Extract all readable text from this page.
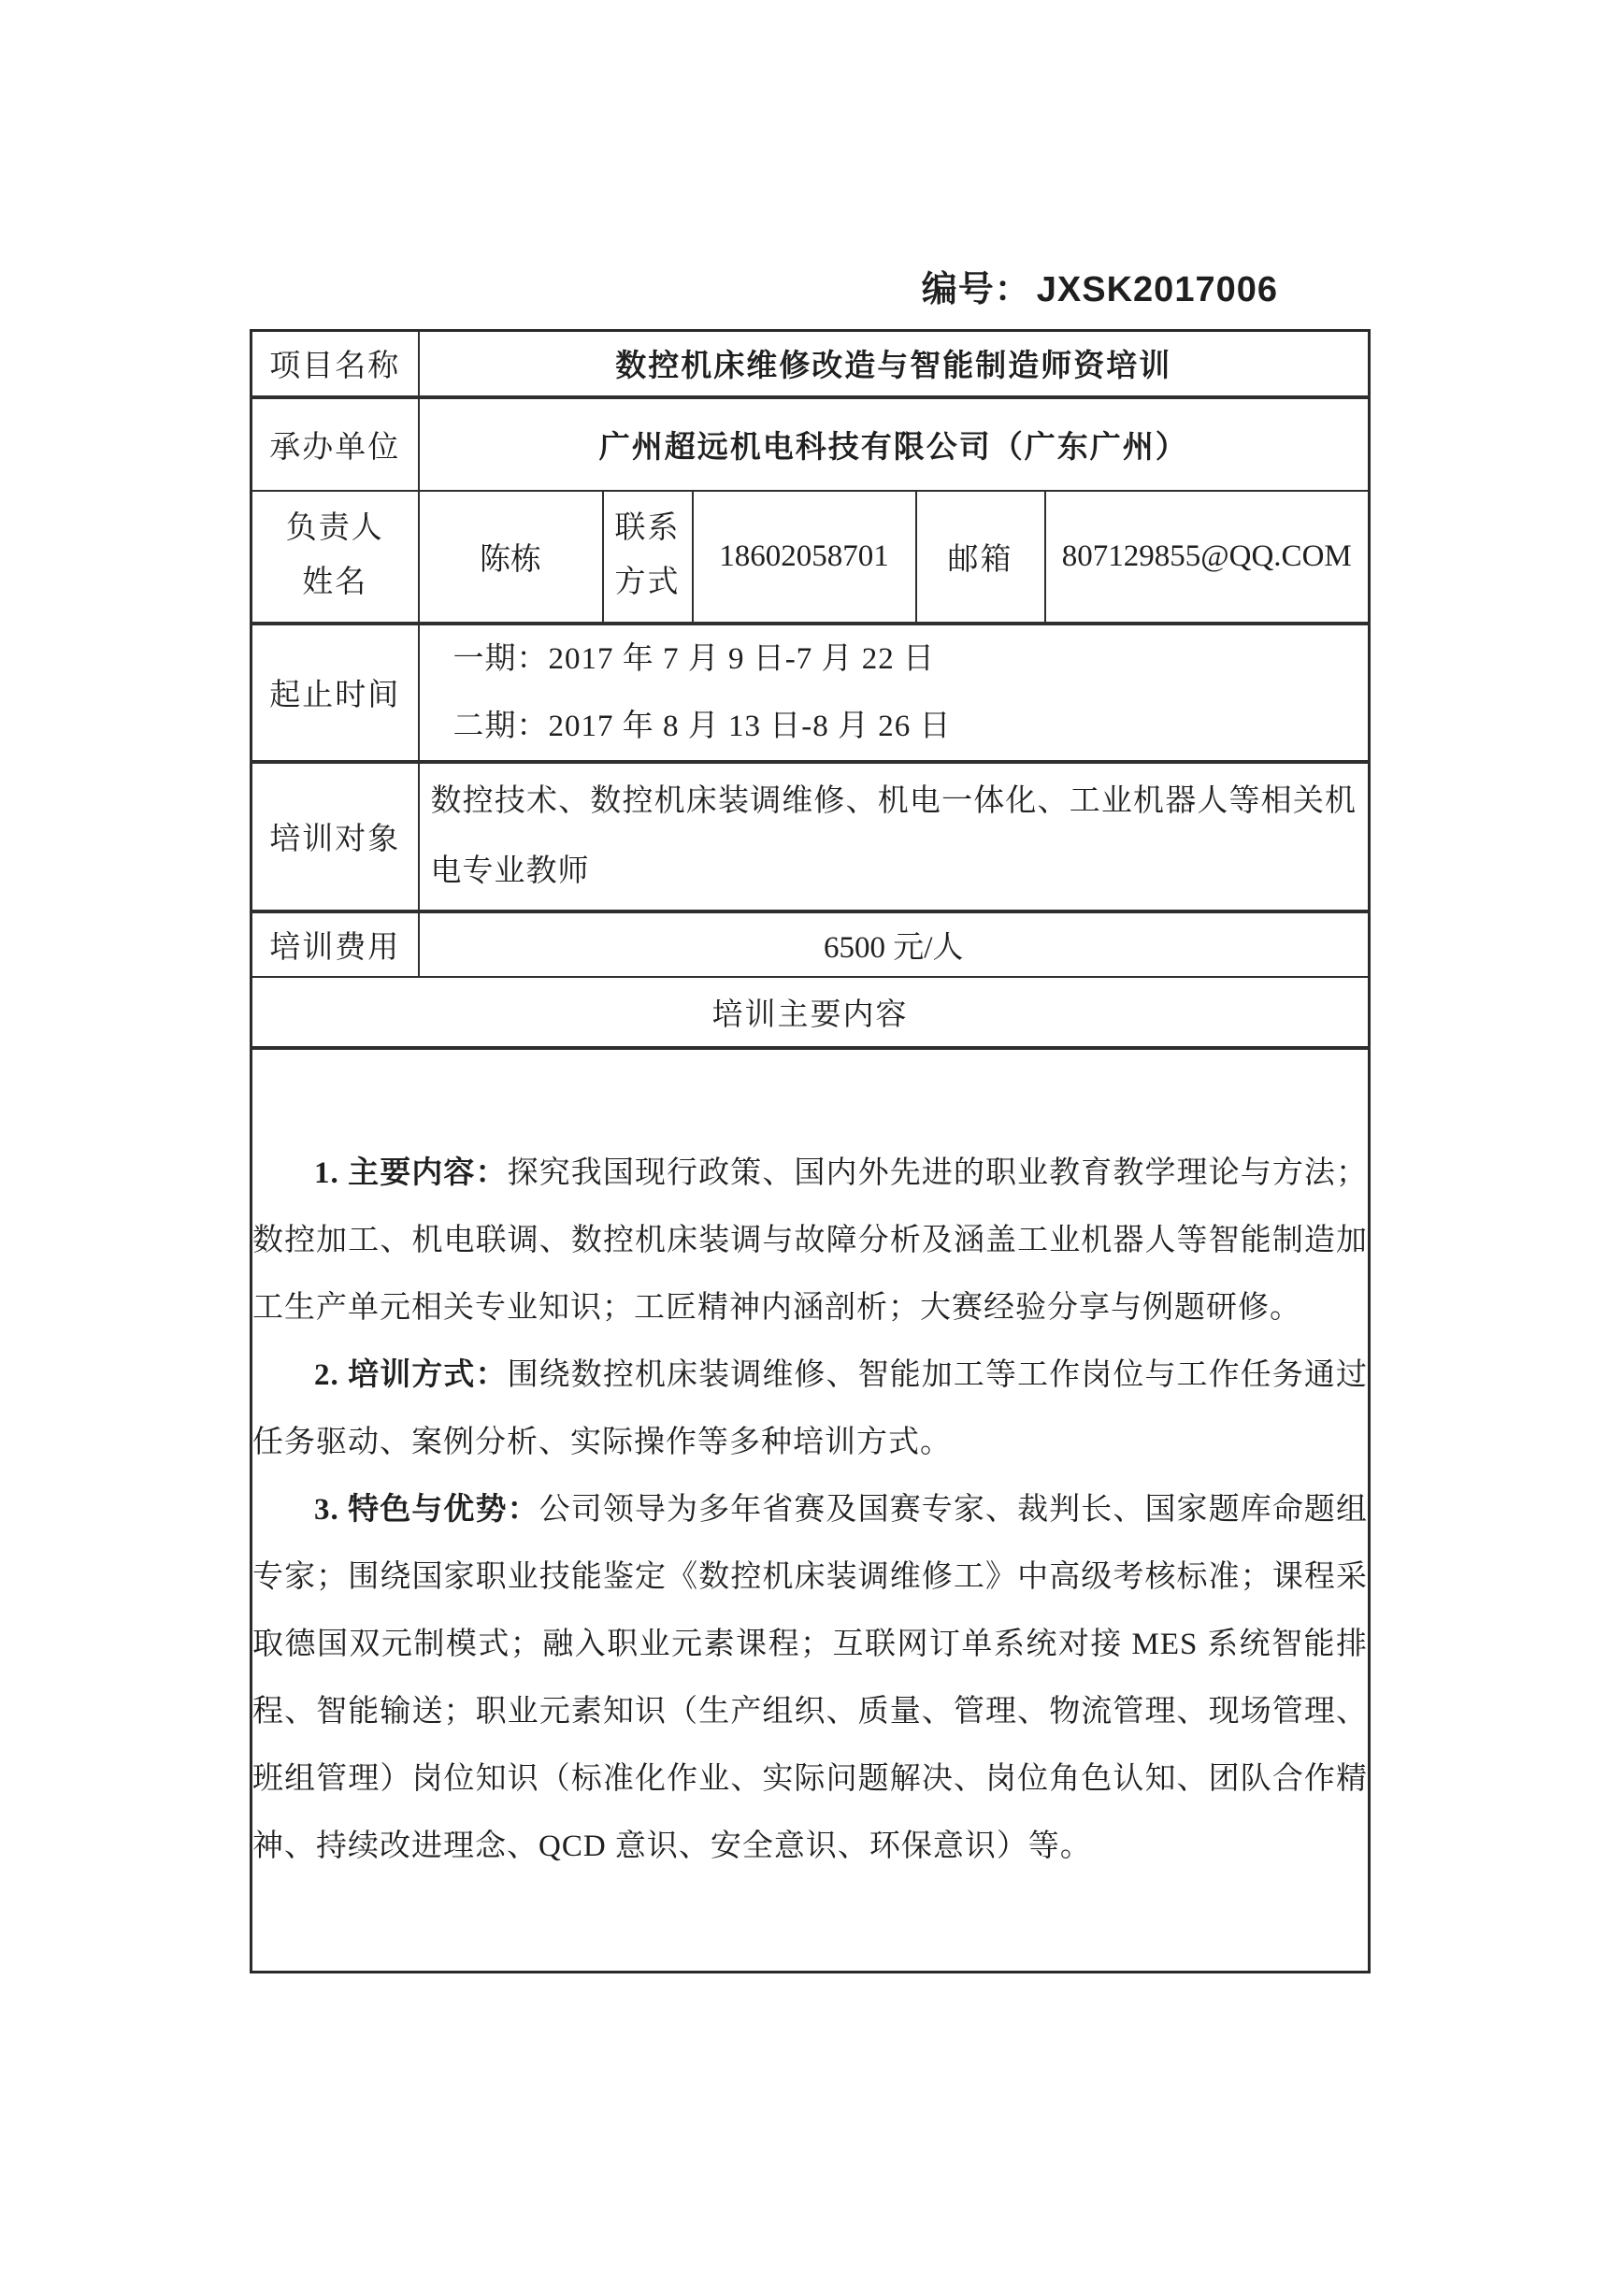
编号： JXSK2017006
项目名称	数控机床维修改造与智能制造师资培训				
承办单位	广州超远机电科技有限公司（广东广州）				

负责人
姓名
	陈栋	
联系
方式
	18602058701	邮箱	807129855@QQ.COM
起止时间	一期：2017 年 7 月 9 日-7 月 22 日
二期：2017 年 8 月 13 日-8 月 26 日				

培训对象	数控技术、数控机床装调维修、机电一体化、工业机器人等相关机电专业教师				

培训费用	6500 元/人				
培训主要内容					

1. 主要内容：探究我国现行政策、国内外先进的职业教育教学理论与方法；数控加工、机电联调、数控机床装调与故障分析及涵盖工业机器人等智能制造加工生产单元相关专业知识；工匠精神内涵剖析；大赛经验分享与例题研修。

2. 培训方式：围绕数控机床装调维修、智能加工等工作岗位与工作任务通过任务驱动、案例分析、实际操作等多种培训方式。

3. 特色与优势：公司领导为多年省赛及国赛专家、裁判长、国家题库命题组专家；围绕国家职业技能鉴定《数控机床装调维修工》中高级考核标准；课程采取德国双元制模式；融入职业元素课程；互联网订单系统对接 MES 系统智能排程、智能输送；职业元素知识（生产组织、质量、管理、物流管理、现场管理、班组管理）岗位知识（标准化作业、实际问题解决、岗位角色认知、团队合作精神、持续改进理念、QCD 意识、安全意识、环保意识）等。					
